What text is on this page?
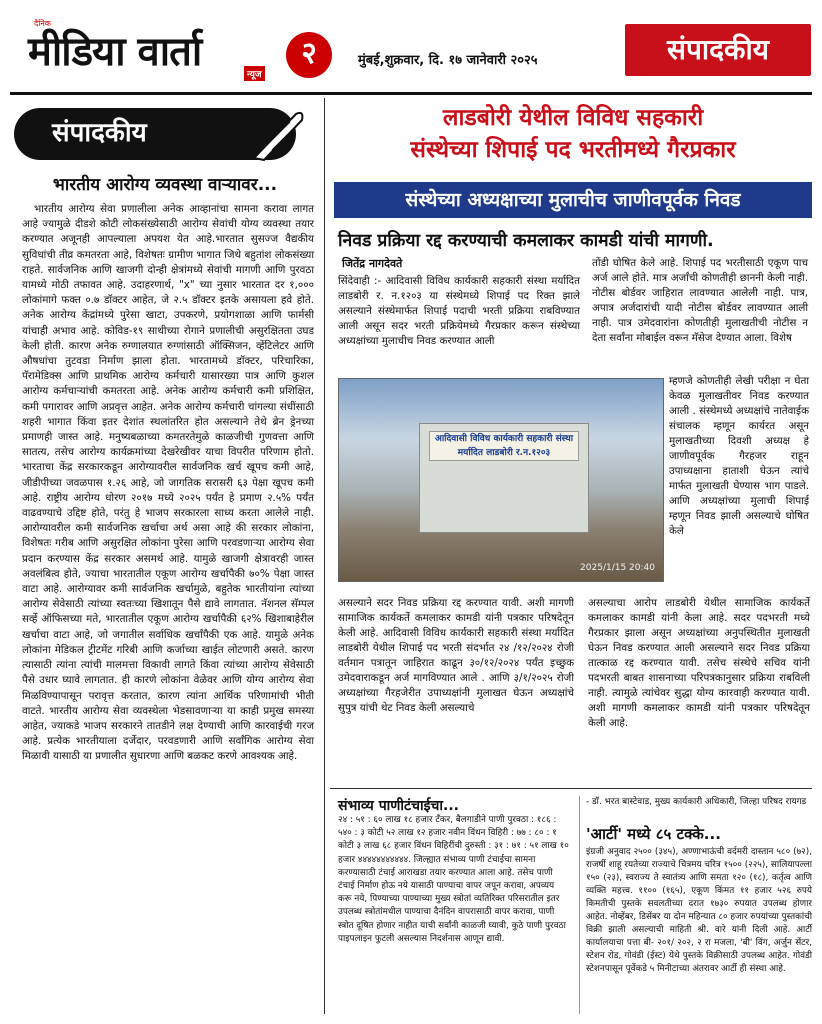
दैनिक
मीडिया वार्ता	न्यूज
२	मुंबई,शुक्रवार, दि. १७ जानेवारी २०२५	संपादकीय
संपादकीय
भारतीय आरोग्य व्यवस्था वाऱ्यावर...

भारतीय आरोग्य सेवा प्रणालीला अनेक आव्हानांचा सामना करावा लागत आहे ज्यामुळे दीडशे कोटी लोकसंख्येसाठी आरोग्य सेवांची योग्य व्यवस्था तयार करण्यात अजूनही आपल्याला अपयश येत आहे.भारतात सुसज्ज वैद्यकीय सुविधांची तीव्र कमतरता आहे, विशेषतः ग्रामीण भागात जिथे बहुतांश लोकसंख्या राहते. सार्वजनिक आणि खाजगी दोन्ही क्षेत्रांमध्ये सेवांची मागणी आणि पुरवठा यामध्ये मोठी तफावत आहे. उदाहरणार्थ, "x" च्या नुसार भारतात दर १,००० लोकांमागे फक्त ०.७ डॉक्टर आहेत, जे २.५ डॉक्टर इतके असायला हवे होते. अनेक आरोग्य केंद्रांमध्ये पुरेसा खाटा, उपकरणे, प्रयोगशाळा आणि फार्मसी यांचाही अभाव आहे. कोविड-१९ साथीच्या रोगाने प्रणालीची असुरक्षितता उघड केली होती. कारण अनेक रुग्णालयात रुग्णांसाठी ऑक्सिजन, व्हेंटिलेटर आणि औषधांचा तुटवडा निर्माण झाला होता. भारतामध्ये डॉक्टर, परिचारिका, पॅरामेडिक्स आणि प्राथमिक आरोग्य कर्मचारी यासारख्या पात्र आणि कुशल आरोग्य कर्मचाऱ्यांची कमतरता आहे. अनेक आरोग्य कर्मचारी कमी प्रशिक्षित, कमी पगारावर आणि अप्रवृत्त आहेत. अनेक आरोग्य कर्मचारी चांगल्या संधींसाठी शहरी भागात किंवा इतर देशांत स्थलांतरित होत असल्याने तेथे ब्रेन ड्रेनच्या प्रमाणही जास्त आहे. मनुष्यबळाच्या कमतरतेमुळे काळजीची गुणवत्ता आणि सातत्य, तसेच आरोग्य कार्यक्रमांच्या देखरेखीवर याचा विपरीत परिणाम होतो. भारताचा केंद्र सरकारकडून आरोग्यावरील सार्वजनिक खर्च खूपच कमी आहे, जीडीपीच्या जवळपास १.२६ आहे, जो जागतिक सरासरी ६३ पेक्षा खूपच कमी आहे. राष्ट्रीय आरोग्य धोरण २०१७ मध्ये २०२५ पर्यंत हे प्रमाण २.५% पर्यंत वाढवण्याचे उद्दिष्ट होते, परंतु हे भाजप सरकारला साध्य करता आलेले नाही. आरोग्यावरील कमी सार्वजनिक खर्चाचा अर्थ असा आहे की सरकार लोकांना, विशेषतः गरीब आणि असुरक्षित लोकांना पुरेसा आणि परवडणाऱ्या आरोग्य सेवा प्रदान करण्यास केंद्र सरकार असमर्थ आहे. यामुळे खाजगी क्षेत्रावरही जास्त अवलंबित्व होते, ज्याचा भारतातील एकूण आरोग्य खर्चापैकी ७०% पेक्षा जास्त वाटा आहे. आरोग्यावर कमी सार्वजनिक खर्चामुळे, बहुतेक भारतीयांना त्यांच्या आरोग्य सेवेसाठी त्यांच्या स्वतःच्या खिशातून पैसे द्यावे लागतात. नॅशनल सॅम्पल सर्व्हे ऑफिसच्या मते, भारतातील एकूण आरोग्य खर्चापैकी ६२% खिशाबाहेरील खर्चाचा वाटा आहे, जो जगातील सर्वाधिक खर्चांपैकी एक आहे. यामुळे अनेक लोकांना मेडिकल ट्रीटमेंट गरिबी आणि कर्जाच्या खाईत लोटणारी असते. कारण त्यासाठी त्यांना त्यांची मालमत्ता विकावी लागते किंवा त्यांच्या आरोग्य सेवेसाठी पैसे उधार घ्यावे लागतात. ही कारणे लोकांना वेळेवर आणि योग्य आरोग्य सेवा मिळविण्यापासून परावृत्त करतात, कारण त्यांना आर्थिक परिणामांची भीती वाटते. भारतीय आरोग्य सेवा व्यवस्थेला भेडसावणाऱ्या या काही प्रमुख समस्या आहेत, ज्याकडे भाजप सरकारने तातडीने लक्ष देण्याची आणि कारवाईची गरज आहे. प्रत्येक भारतीयाला दर्जेदार, परवडणारी आणि सर्वांगिक आरोग्य सेवा मिळावी यासाठी या प्रणालीत सुधारणा आणि बळकट करणे आवश्यक आहे.

लाडबोरी येथील विविध सहकारी
संस्थेच्या शिपाई पद भरतीमध्ये गैरप्रकार
संस्थेच्या अध्यक्षाच्या मुलाचीच जाणीवपूर्वक निवड
निवड प्रक्रिया रद्द करण्याची कमलाकर कामडी यांची मागणी.
जितेंद्र नागदेवते
सिंदेवाही :- आदिवासी विविध कार्यकारी सहकारी संस्था मर्यादित लाडबोरी र. न.१२०३ या संस्थेमध्ये शिपाई पद रिक्त झाले असल्याने संस्थेमार्फत शिपाई पदाची भरती प्रक्रिया राबविण्यात आली असून सदर भरती प्रक्रियेमध्ये गैरप्रकार करून संस्थेच्या अध्यक्षांच्या मुलाचीच निवड करण्यात आली
तोंडी घोषित केले आहे. शिपाई पद भरतीसाठी एकूण पाच अर्ज आले होते. मात्र अर्जांची कोणतीही छाननी केली नाही. नोटीस बोर्डवर जाहिरात लावण्यात आलेली नाही. पात्र, अपात्र अर्जदारांची यादी नोटीस बोर्डवर लावण्यात आली नाही. पात्र उमेदवारांना कोणतीही मुलाखतीची नोटीस न देता सर्वांना मोबाईल वरून मॅसेज देण्यात आला. विशेष
म्हणजे कोणतीही लेखी परीक्षा न घेता केवळ मुलाखतीवर निवड करण्यात आली . संस्थेमध्ये अध्यक्षांचे नातेवाईक संचालक म्हणून कार्यरत असून मुलाखतीच्या दिवशी अध्यक्ष हे जाणीवपूर्वक गैरहजर राहून उपाध्यक्षाना हाताशी घेऊन त्यांचे मार्फत मुलाखती घेण्यास भाग पाडले. आणि अध्यक्षांच्या मुलाची शिपाई म्हणून निवड झाली असल्याचे घोषित केले
आदिवासी विविध कार्यकारी सहकारी संस्था मर्यादित लाडबोरी र.न.१२०३
2025/1/15 20:40
असल्याने सदर निवड प्रक्रिया रद्द करण्यात यावी. अशी मागणी सामाजिक कार्यकर्ते कमलाकर कामडी यांनी पत्रकार परिषदेतून केली आहे. आदिवासी विविध कार्यकारी सहकारी संस्था मर्यादित लाडबोरी येथील शिपाई पद भरती संदर्भात २४ /१२/२०२४ रोजी वर्तमान पत्रातून जाहिरात काढून ३०/१२/२०२४ पर्यंत इच्छुक उमेदवाराकडून अर्ज मागविण्यात आले . आणि ३/१/२०२५ रोजी अध्यक्षांच्या गैरहजेरीत उपाध्यक्षांनी मुलाखत घेऊन अध्यक्षांचे सुपुत्र यांची थेट निवड केली असल्याचे
असल्याचा आरोप लाडबोरी येथील सामाजिक कार्यकर्ते कमलाकर कामडी यांनी केला आहे. सदर पदभरती मध्ये गैरप्रकार झाला असून अध्यक्षांच्या अनुपस्थितीत मुलाखती घेऊन निवड करण्यात आली असल्याने सदर निवड प्रक्रिया तात्काळ रद्द करण्यात यावी. तसेच संस्थेचे सचिव यांनी पदभरती बाबत शासनाच्या परिपत्रकानुसार प्रक्रिया राबविली नाही. त्यामुळे त्यांचेवर सुद्धा योग्य कारवाही करण्यात यावी. अशी मागणी कमलाकर कामडी यांनी पत्रकार परिषदेतून केली आहे.
संभाव्य पाणीटंचाईचा...
२४ : ५१ : ६० लाख १८ हजार टँकर, बैलगाडीने पाणी पुरवठा : १८६ : ५४० : ३ कोटी ५२ लाख १२ हजार नवीन विंधन विहिरी : ७७ : ८० : १ कोटी ३ लाख ६८ हजार विंधन विहिरींची दुरुस्ती : ३१ : ७१ : ५१ लाख १० हजार ४४४४४४४४४४४. जिल्ह्यात संभाव्य पाणी टंचाईचा सामना करण्यासाठी टंचाई आराखडा तयार करण्यात आला आहे. तसेच पाणी टंचाई निर्माण होऊ नये यासाठी पाण्याचा वापर जपून करावा, अपव्यय करू नये, पिण्याच्या पाण्याच्या मुख्य स्त्रोतां व्यतिरिक्त परिसरातील इतर उपलब्ध स्त्रोतांमधील पाण्याचा दैनंदिन वापरासाठी वापर करावा, पाणी स्त्रोत दूषित होणार नाहीत याची सर्वांनी काळजी घ्यावी, कुठे पाणी पुरवठा पाइपलाइन फुटली असल्यास निदर्शनास आणून द्यावी.
- डॉ. भरत बास्टेवाड, मुख्य कार्यकारी अधिकारी, जिल्हा परिषद रायगड
'आर्टी' मध्ये ८५ टक्के...
इंग्रजी अनुवाद २५०० (३४५), अण्णाभाऊंची वर्दमरी दास्तान ५८० (७२), राजर्षी शाहू रयतेच्या राज्याचे चित्रमय चरित्र १५०० (२२५), सालियापल्ला १५० (२३), स्वराज्य ते स्वातंत्र्य आणि समता १२० (१८), कर्तृत्व आणि व्यक्ति महत्त्व. ११०० (१६५), एकूण किंमत ११ हजार ५२६ रुपये किमतीची पुस्तके सवलतीच्या दरात १७३० रुपयात उपलब्ध होणार आहेत. नोव्हेंबर, डिसेंबर या दोन महिन्यात ८० हजार रुपयांच्या पुस्तकांची विक्री झाली असल्याची माहिती श्री. वारे यांनी दिली आहे. आर्टी कार्यालयाचा पत्ता बी- २०१/ २०२, २ रा मजला, 'बी' विंग, अर्जुन सेंटर, स्टेशन रोड, गोवंडी (ईस्ट) येथे पुस्तके विक्रीसाठी उपलब्ध आहेत. गोवंडी स्टेशनपासून पूर्वेकडे ५ मिनीटाच्या अंतरावर आर्टी ही संस्था आहे.
